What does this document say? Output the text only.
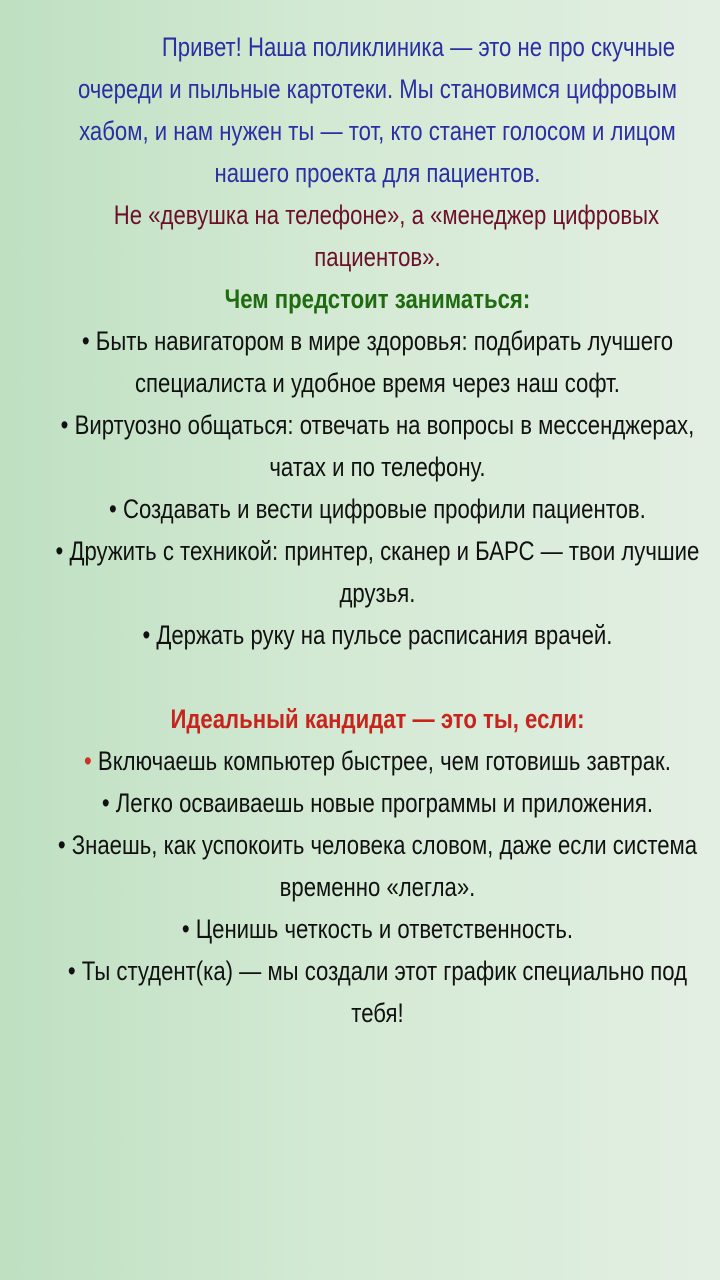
Привет! Наша поликлиника — это не про скучные очереди и пыльные картотеки. Мы становимся цифровым хабом, и нам нужен ты — тот, кто станет голосом и лицом нашего проекта для пациентов.

Не «девушка на телефоне», а «менеджер цифровых пациентов».

Чем предстоит заниматься:

• Быть навигатором в мире здоровья: подбирать лучшего специалиста и удобное время через наш софт.

• Виртуозно общаться: отвечать на вопросы в мессенджерах, чатах и по телефону.

• Создавать и вести цифровые профили пациентов.

• Дружить с техникой: принтер, сканер и БАРС — твои лучшие друзья.

• Держать руку на пульсе расписания врачей.

Идеальный кандидат — это ты, если:

• Включаешь компьютер быстрее, чем готовишь завтрак.

• Легко осваиваешь новые программы и приложения.

• Знаешь, как успокоить человека словом, даже если система временно «легла».

• Ценишь четкость и ответственность.

• Ты студент(ка) — мы создали этот график специально под тебя!
